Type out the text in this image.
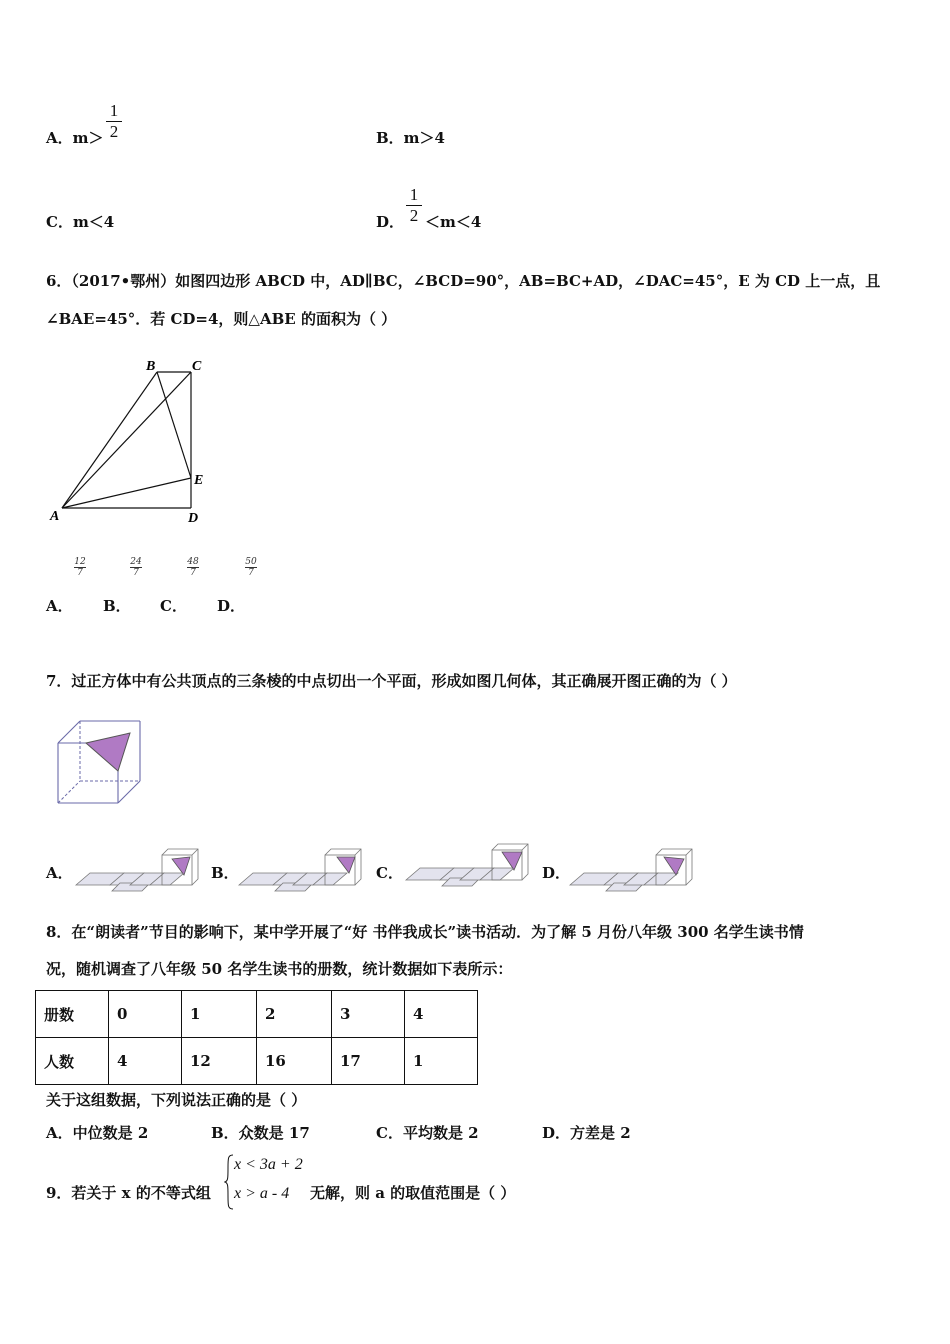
A．m＞
1
2	B．m＞4
C．m＜4	D．
1
2 ＜m＜4
6．（2017•鄂州）如图四边形 ABCD 中，AD∥BC，∠BCD=90°，AB=BC+AD，∠DAC=45°，E 为 CD 上一点，且
∠BAE=45°．若 CD=4，则△ABE 的面积为（ ）
A
B	C
D
E
12
7
24
7
48
7
50
7
A． B． C． D．
7．过正方体中有公共顶点的三条棱的中点切出一个平面，形成如图几何体，其正确展开图正确的为（ ）
A．	B．	C．	D．
8．在“朗读者”节目的影响下，某中学开展了“好 书伴我成长”读书活动．为了解 5 月份八年级 300 名学生读书情
况，随机调查了八年级 50 名学生读书的册数，统计数据如下表所示：
册数	0	1	2	3	4
人数	4	12	16	17	1
关于这组数据，下列说法正确的是（ ）
A．中位数是 2	B．众数是 17	C．平均数是 2	D．方差是 2
9．若关于 x 的不等式组
x < 3a + 2
x > a - 4 无解，则 a 的取值范围是（ ）
